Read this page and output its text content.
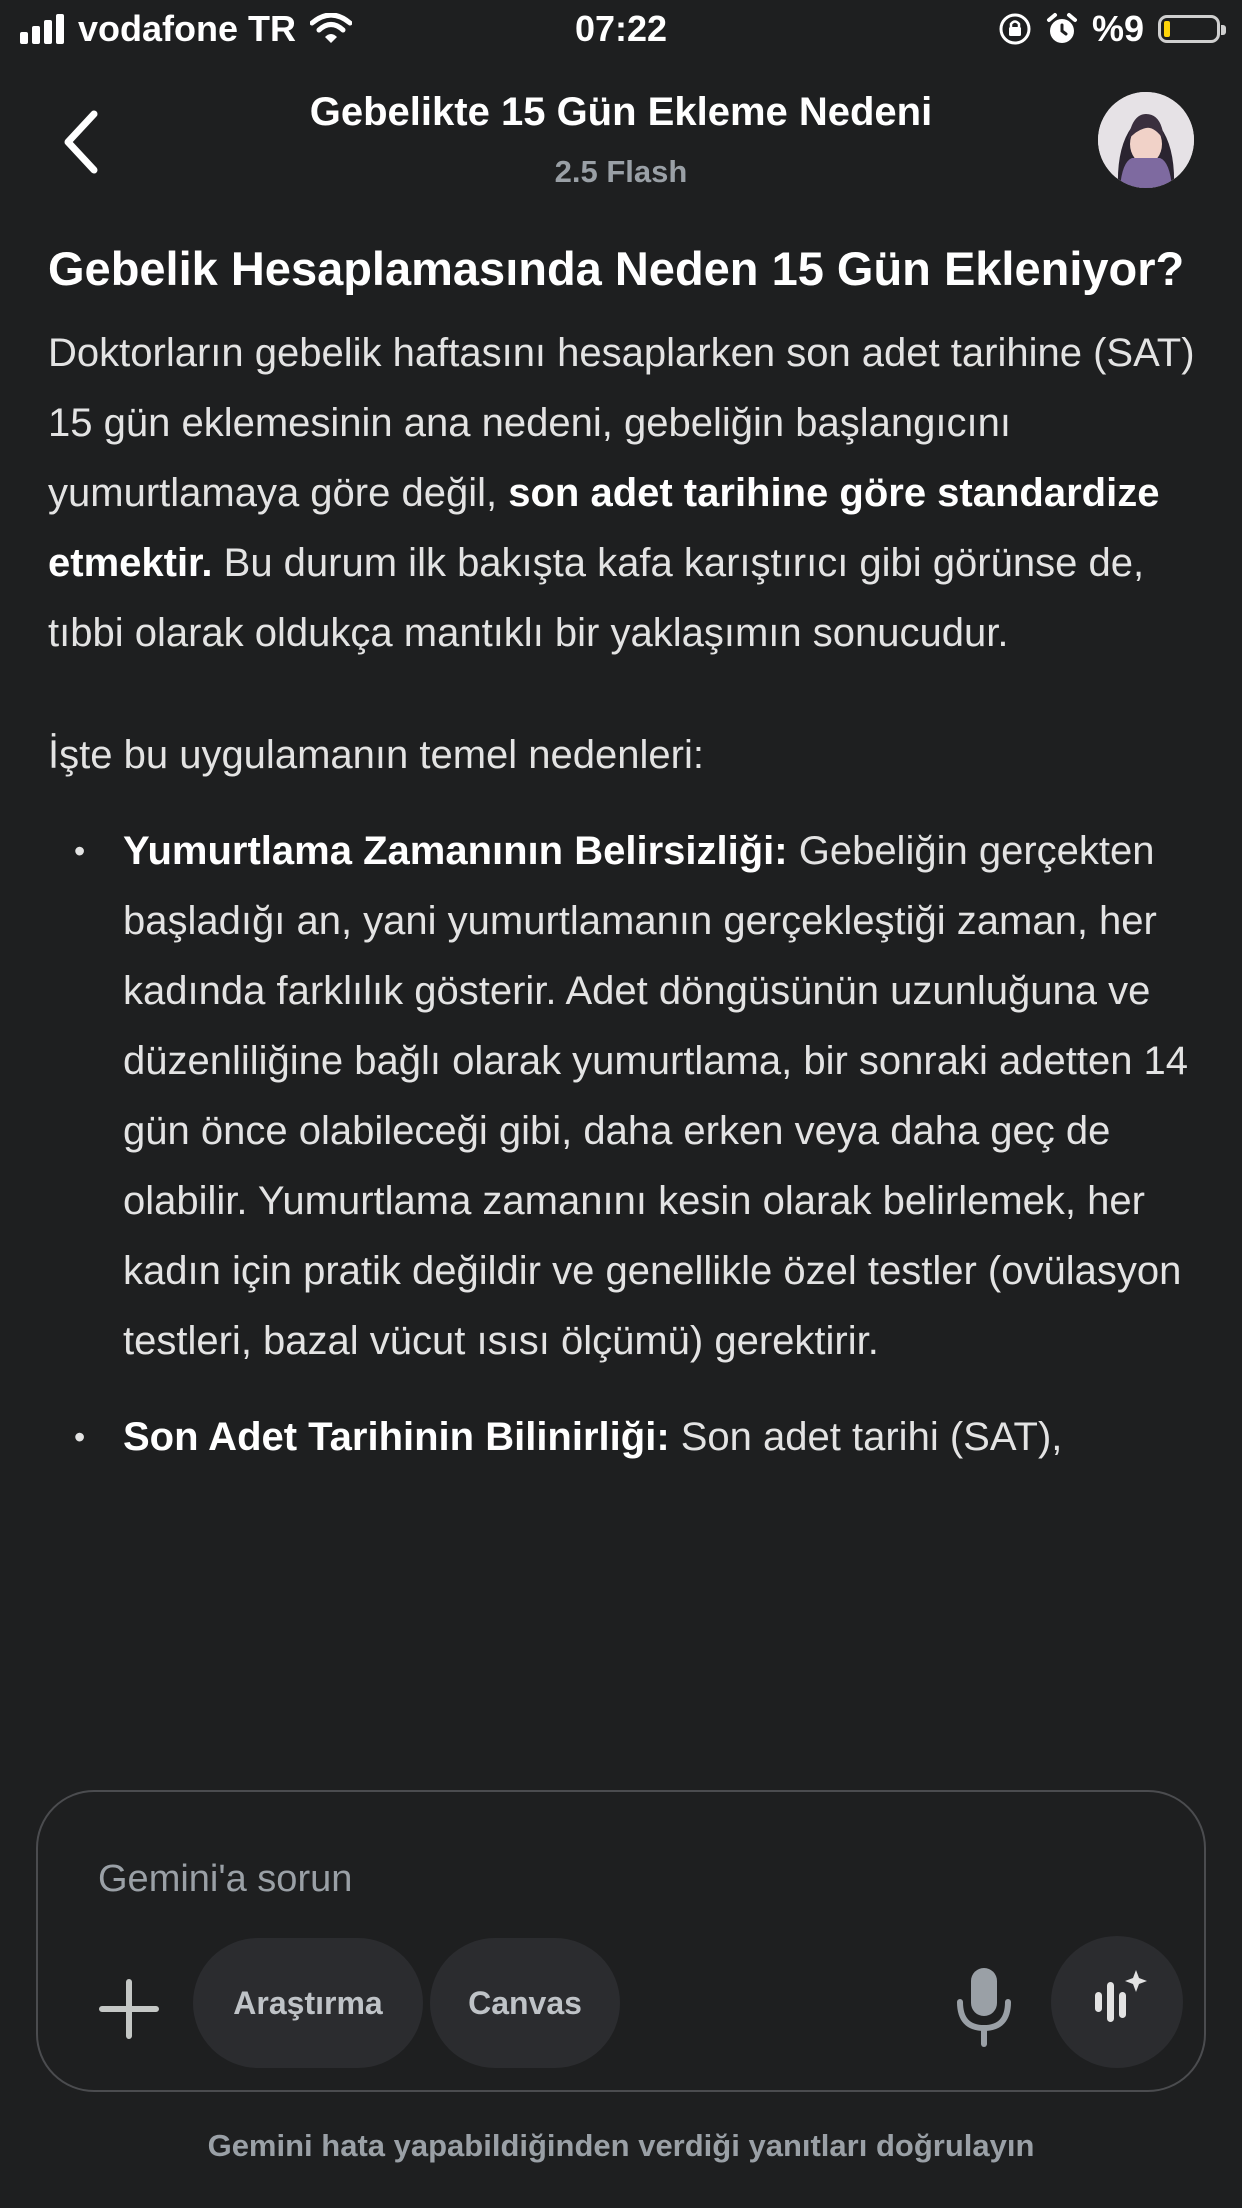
vodafone TR	07:22	%9
Gebelikte 15 Gün Ekleme Nedeni
2.5 Flash
Gebelik Hesaplamasında Neden 15 Gün Ekleniyor?

Doktorların gebelik haftasını hesaplarken son adet tarihine (SAT) 15 gün eklemesinin ana nedeni, gebeliğin başlangıcını yumurtlamaya göre değil, son adet tarihine göre standardize etmektir. Bu durum ilk bakışta kafa karıştırıcı gibi görünse de, tıbbi olarak oldukça mantıklı bir yaklaşımın sonucudur.

İşte bu uygulamanın temel nedenleri:

• Yumurtlama Zamanının Belirsizliği: Gebeliğin gerçekten başladığı an, yani yumurtlamanın gerçekleştiği zaman, her kadında farklılık gösterir. Adet döngüsünün uzunluğuna ve düzenliliğine bağlı olarak yumurtlama, bir sonraki adetten 14 gün önce olabileceği gibi, daha erken veya daha geç de olabilir. Yumurtlama zamanını kesin olarak belirlemek, her kadın için pratik değildir ve genellikle özel testler (ovülasyon testleri, bazal vücut ısısı ölçümü) gerektirir.
• Son Adet Tarihinin Bilinirliği: Son adet tarihi (SAT),
Gemini'a sorun
Araştırma	Canvas
Gemini hata yapabildiğinden verdiği yanıtları doğrulayın
